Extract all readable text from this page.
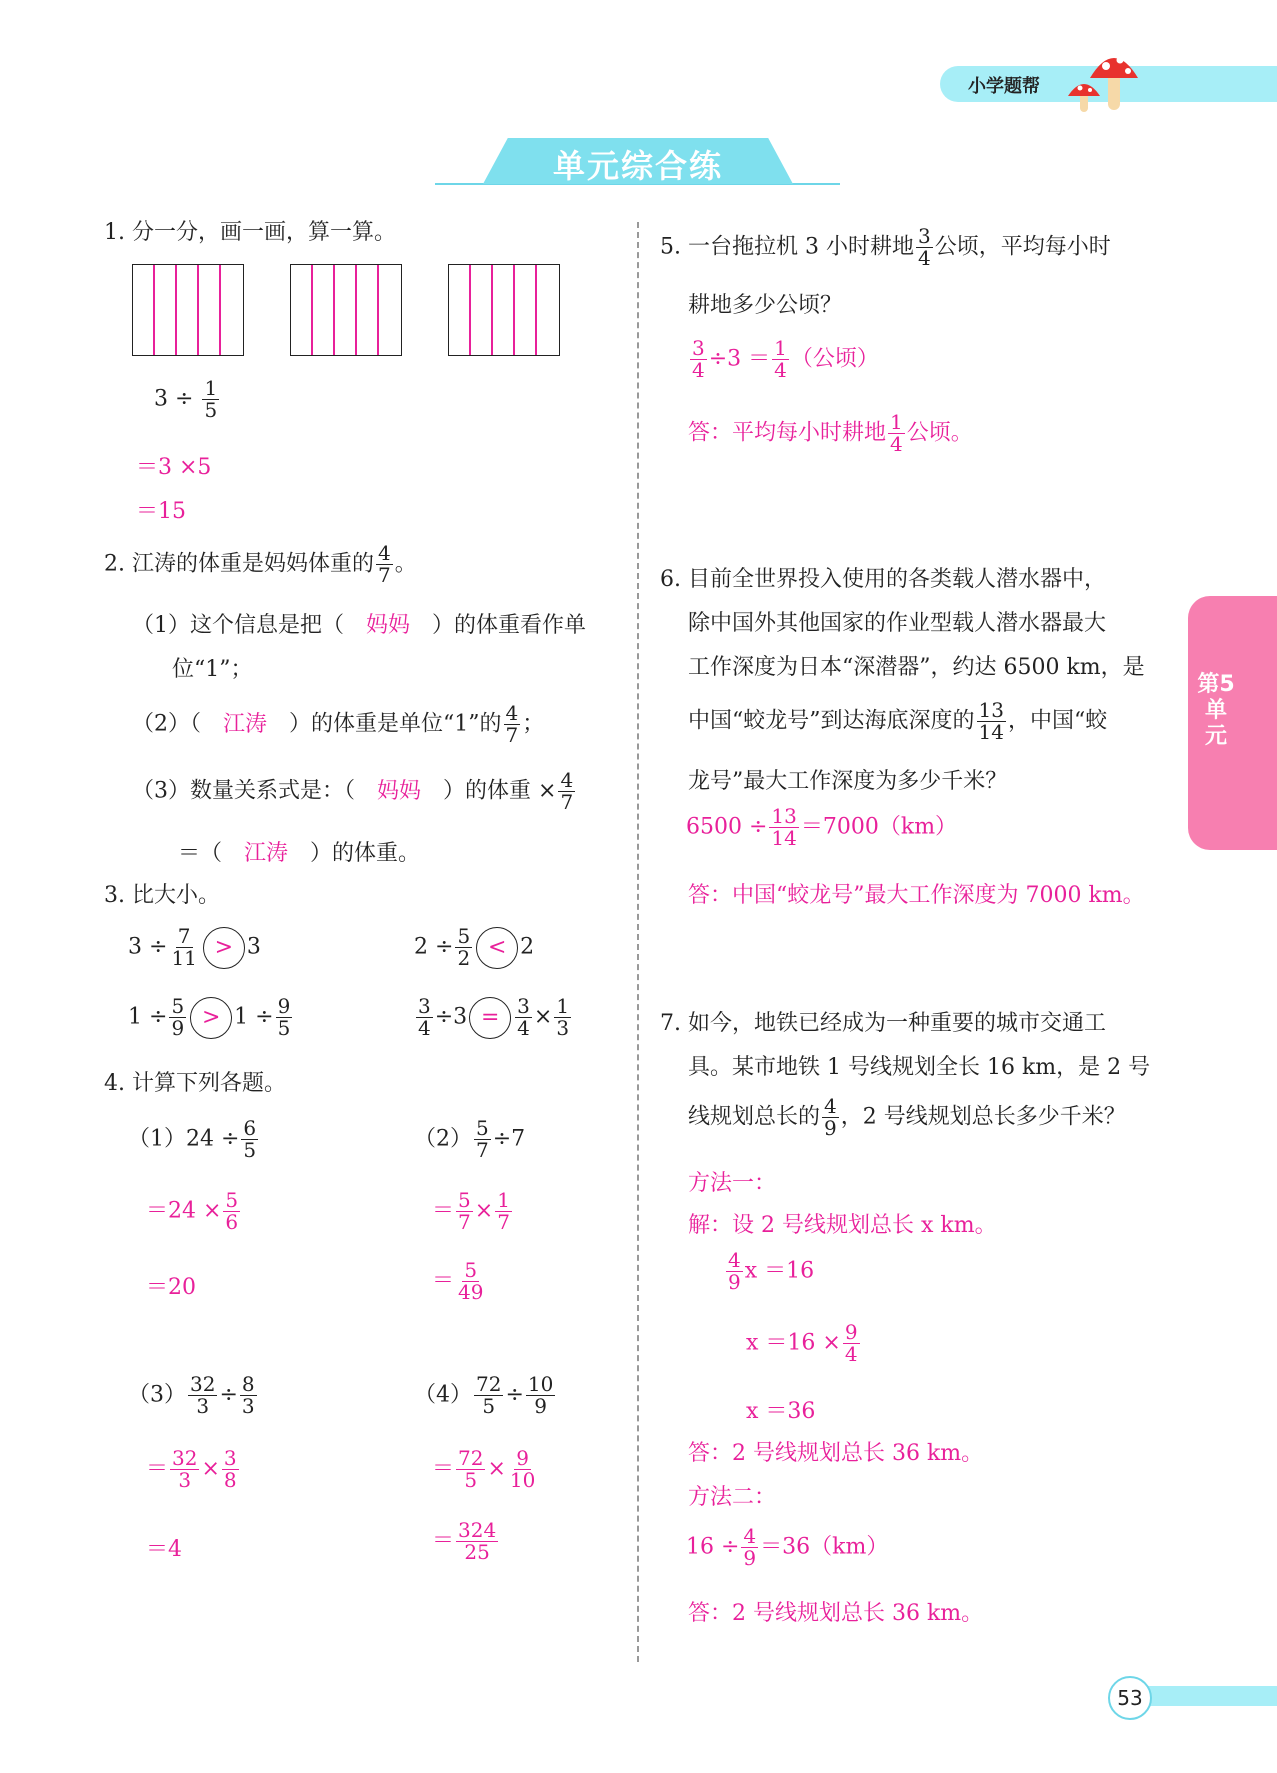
小学题帮
单元综合练
第5单元
53
1. 分一分，画一画，算一算。
$3 \div \frac{1}{5}$
＝3 ×5
＝15
2. 江涛的体重是妈妈体重的 $\frac{4}{7}$ 。
（1）这个信息是把（ 妈妈 ）的体重看作单
位“1”；
（2）（ 江涛 ）的体重是单位“1”的 $\frac{4}{7}$ ；
（3）数量关系式是：（ 妈妈 ）的体重 × $\frac{4}{7}$
＝（ 江涛 ）的体重。
3. 比大小。
$3 \div \frac{7}{11} > 3$	$2 \div \frac{5}{2} < 2$
$1 \div \frac{5}{9} > 1 \div \frac{9}{5}$	$\frac{3}{4} \div 3 = \frac{3}{4} \times \frac{1}{3}$
4. 计算下列各题。
$(1)24 \div \frac{6}{5}$
$=24 \times \frac{5}{6}$
＝20
$(2) \frac{5}{7} \div 7$
＝ $\frac{5}{7} \times \frac{1}{7}$
＝ $\frac{5}{49}$
$(3) \frac{32}{3} \div \frac{8}{3}$
＝ $\frac{32}{3} \times \frac{3}{8}$
＝4
$(4) \frac{72}{5} \div \frac{10}{9}$
＝ $\frac{72}{5} \times \frac{9}{10}$
＝ $\frac{324}{25}$
5. 一台拖拉机 3 小时耕地 $\frac{3}{4}$ 公顷，平均每小时
耕地多少公顷？
$\frac{3}{4} \div 3 = \frac{1}{4}$ （公顷）
答：平均每小时耕地 $\frac{1}{4}$ 公顷。
6. 目前全世界投入使用的各类载人潜水器中，
除中国外其他国家的作业型载人潜水器最大
工作深度为日本“深潜器”，约达 6500 km，是
中国“蛟龙号”到达海底深度的 $\frac{13}{14}$ ，中国“蛟
龙号”最大工作深度为多少千米？
$6500 \div \frac{13}{14} =7000(km)$
答：中国“蛟龙号”最大工作深度为 7000 km。
7. 如今，地铁已经成为一种重要的城市交通工
具。某市地铁 1 号线规划全长 16 km，是 2 号
线规划总长的 $\frac{4}{9}$ ，2 号线规划总长多少千米？
方法一：
解：设 2 号线规划总长 x km。
$\frac{4}{9}$ x ＝16
$x =16 \times \frac{9}{4}$
x ＝36
答：2 号线规划总长 36 km。
方法二：
$16 \div \frac{4}{9} =36(km)$
答：2 号线规划总长 36 km。
